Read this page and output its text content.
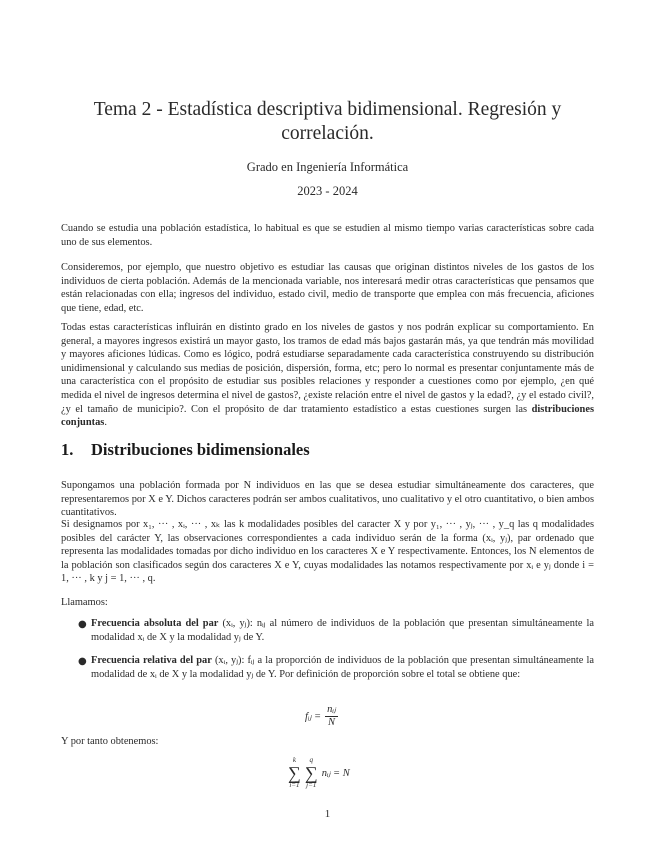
Tema 2 - Estadística descriptiva bidimensional. Regresión y
correlación.
Grado en Ingeniería Informática
2023 - 2024
Cuando se estudia una población estadística, lo habitual es que se estudien al mismo tiempo varias características sobre cada uno de sus elementos.
Consideremos, por ejemplo, que nuestro objetivo es estudiar las causas que originan distintos niveles de los gastos de los individuos de cierta población. Además de la mencionada variable, nos interesará medir otras características que pensamos que están relacionadas con ella; ingresos del individuo, estado civil, medio de transporte que emplea con más frecuencia, aficiones que tiene, edad, etc.
Todas estas características influirán en distinto grado en los niveles de gastos y nos podrán explicar su comportamiento. En general, a mayores ingresos existirá un mayor gasto, los tramos de edad más bajos gastarán más, ya que tendrán más movilidad y mayores aficiones lúdicas. Como es lógico, podrá estudiarse separadamente cada característica construyendo su distribución unidimensional y calculando sus medias de posición, dispersión, forma, etc; pero lo normal es presentar conjuntamente más de una característica con el propósito de estudiar sus posibles relaciones y responder a cuestiones como por ejemplo, ¿en qué medida el nivel de ingresos determina el nivel de gastos?, ¿existe relación entre el nivel de gastos y la edad?, ¿y el estado civil?, ¿y el tamaño de municipio?. Con el propósito de dar tratamiento estadístico a estas cuestiones surgen las distribuciones conjuntas.
1. Distribuciones bidimensionales
Supongamos una población formada por N individuos en las que se desea estudiar simultáneamente dos caracteres, que representaremos por X e Y. Dichos caracteres podrán ser ambos cualitativos, uno cualitativo y el otro cuantitativo, o bien ambos cuantitativos.
Si designamos por x₁, ··· , xᵢ, ··· , xₖ las k modalidades posibles del caracter X y por y₁, ··· , yⱼ, ··· , y_q las q modalidades posibles del carácter Y, las observaciones correspondientes a cada individuo serán de la forma (xᵢ, yⱼ), par ordenado que representa las modalidades tomadas por dicho individuo en los caracteres X e Y respectivamente. Entonces, los N elementos de la población son clasificados según dos caracteres X e Y, cuyas modalidades las notamos respectivamente por xᵢ e yⱼ donde i = 1, ··· , k y j = 1, ··· , q.
Llamamos:
● Frecuencia absoluta del par (xᵢ, yⱼ): nᵢⱼ al número de individuos de la población que presentan simultáneamente la modalidad xᵢ de X y la modalidad yⱼ de Y.
● Frecuencia relativa del par (xᵢ, yⱼ): fᵢⱼ a la proporción de individuos de la población que presentan simultáneamente la modalidad de xᵢ de X y la modalidad yⱼ de Y. Por definición de proporción sobre el total se obtiene que:
fᵢⱼ = $\frac{\text{nᵢⱼ}}{N}$
Y por tanto obtenemos:
k
∑
i=1

q
∑
j=1
nᵢⱼ = N
1
